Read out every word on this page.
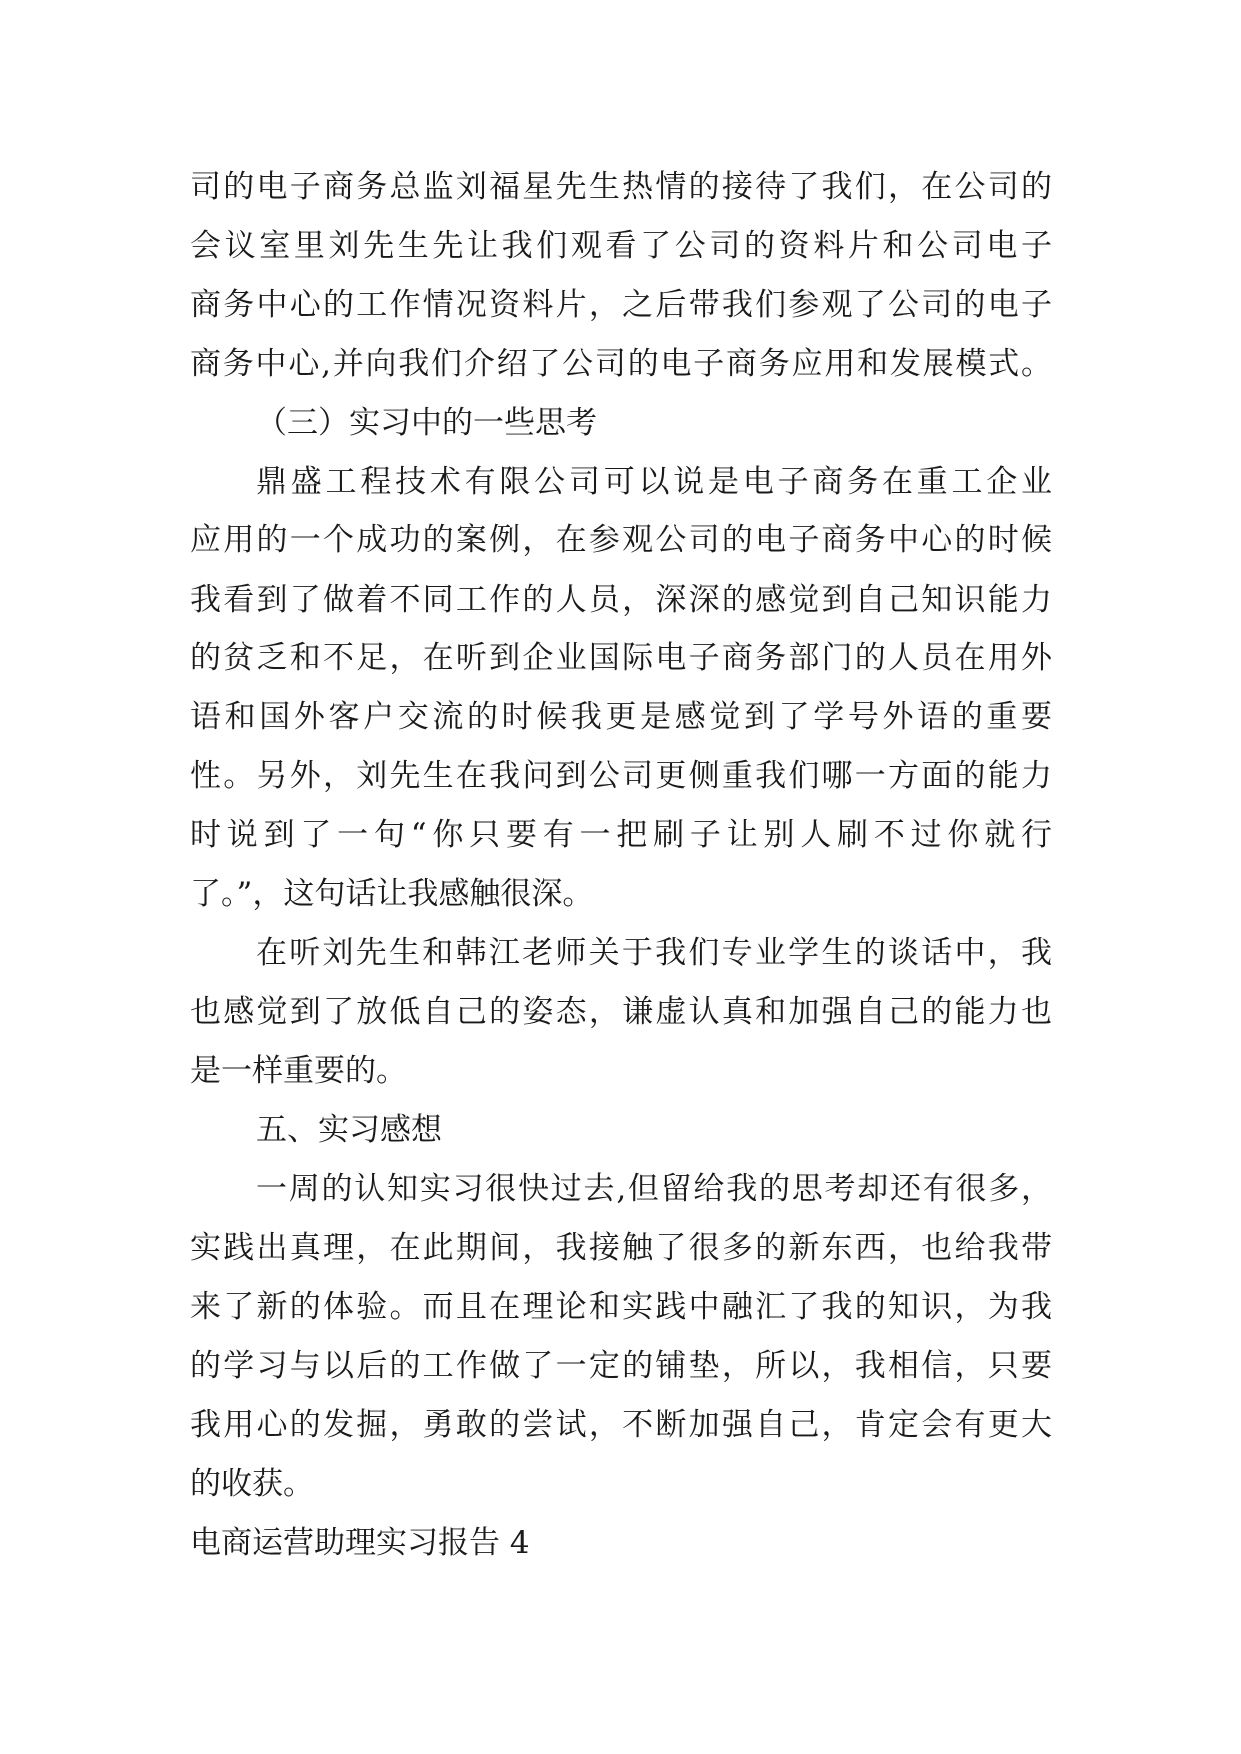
司的电子商务总监刘福星先生热情的接待了我们，在公司的
会议室里刘先生先让我们观看了公司的资料片和公司电子
商务中心的工作情况资料片，之后带我们参观了公司的电子
商务中心,并向我们介绍了公司的电子商务应用和发展模式。
（三）实习中的一些思考
鼎盛工程技术有限公司可以说是电子商务在重工企业
应用的一个成功的案例，在参观公司的电子商务中心的时候
我看到了做着不同工作的人员，深深的感觉到自己知识能力
的贫乏和不足，在听到企业国际电子商务部门的人员在用外
语和国外客户交流的时候我更是感觉到了学号外语的重要
性。另外，刘先生在我问到公司更侧重我们哪一方面的能力
时说到了一句“你只要有一把刷子让别人刷不过你就行
了。”，这句话让我感触很深。
在听刘先生和韩江老师关于我们专业学生的谈话中，我
也感觉到了放低自己的姿态，谦虚认真和加强自己的能力也
是一样重要的。
五、实习感想
一周的认知实习很快过去,但留给我的思考却还有很多，
实践出真理，在此期间，我接触了很多的新东西，也给我带
来了新的体验。而且在理论和实践中融汇了我的知识，为我
的学习与以后的工作做了一定的铺垫，所以，我相信，只要
我用心的发掘，勇敢的尝试，不断加强自己，肯定会有更大
的收获。
电商运营助理实习报告 4
